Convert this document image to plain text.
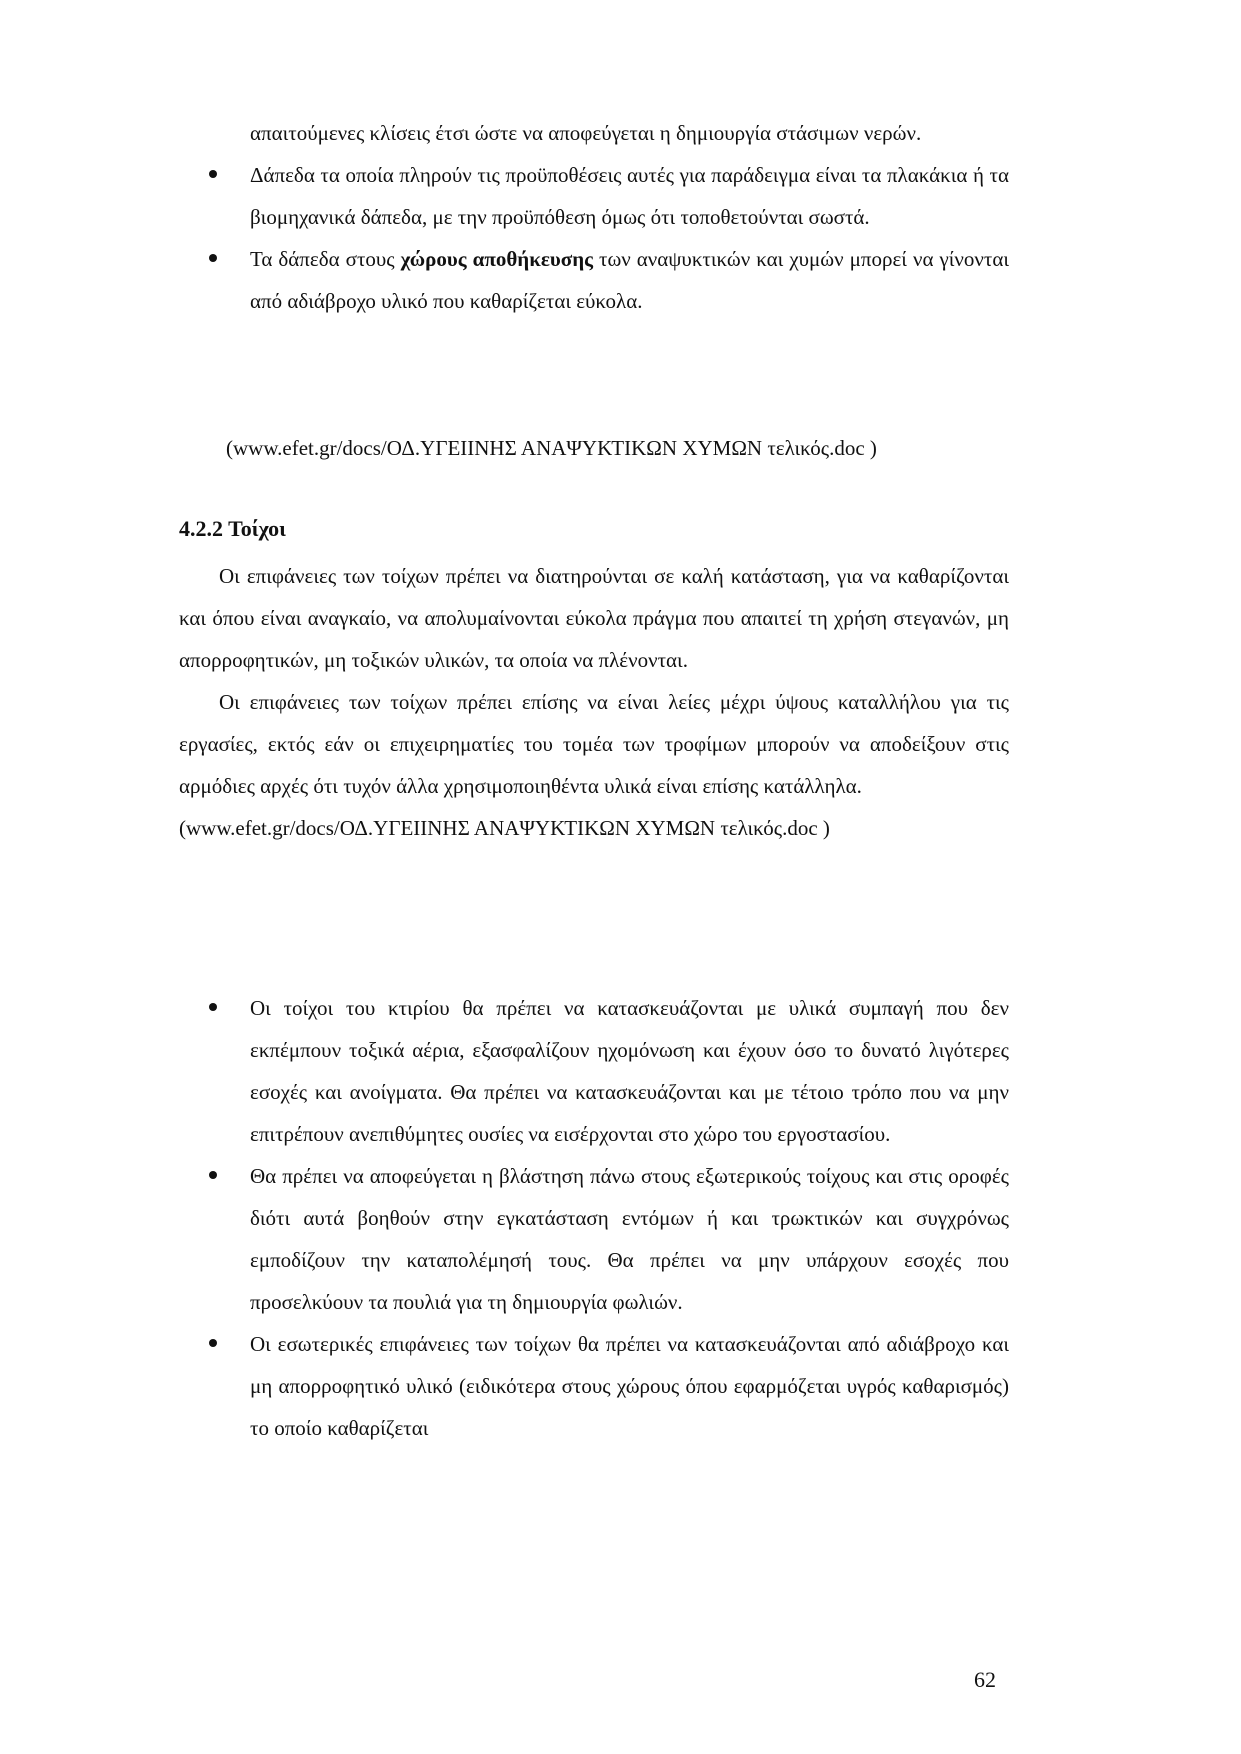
απαιτούμενες κλίσεις έτσι ώστε να αποφεύγεται η δημιουργία στάσιμων νερών.

Δάπεδα τα οποία πληρούν τις προϋποθέσεις αυτές για παράδειγμα είναι τα πλακάκια ή τα βιομηχανικά δάπεδα, με την προϋπόθεση όμως ότι τοποθετούνται σωστά.
Τα δάπεδα στους χώρους αποθήκευσης των αναψυκτικών και χυμών μπορεί να γίνονται από αδιάβροχο υλικό που καθαρίζεται εύκολα.
(www.efet.gr/docs/ΟΔ.ΥΓΕΙΙΝΗΣ ΑΝΑΨΥΚΤΙΚΩΝ ΧΥΜΩΝ τελικός.doc )
4.2.2 Τοίχοι

Οι επιφάνειες των τοίχων πρέπει να διατηρούνται σε καλή κατάσταση, για να καθαρίζονται και όπου είναι αναγκαίο, να απολυμαίνονται εύκολα πράγμα που απαιτεί τη χρήση στεγανών, μη απορροφητικών, μη τοξικών υλικών, τα οποία να πλένονται.

Οι επιφάνειες των τοίχων πρέπει επίσης να είναι λείες μέχρι ύψους καταλλήλου για τις εργασίες, εκτός εάν οι επιχειρηματίες του τομέα των τροφίμων μπορούν να αποδείξουν στις αρμόδιες αρχές ότι τυχόν άλλα χρησιμοποιηθέντα υλικά είναι επίσης κατάλληλα.

(www.efet.gr/docs/ΟΔ.ΥΓΕΙΙΝΗΣ ΑΝΑΨΥΚΤΙΚΩΝ ΧΥΜΩΝ τελικός.doc )

Οι τοίχοι του κτιρίου θα πρέπει να κατασκευάζονται με υλικά συμπαγή που δεν εκπέμπουν τοξικά αέρια, εξασφαλίζουν ηχομόνωση και έχουν όσο το δυνατό λιγότερες εσοχές και ανοίγματα. Θα πρέπει να κατασκευάζονται και με τέτοιο τρόπο που να μην επιτρέπουν ανεπιθύμητες ουσίες να εισέρχονται στο χώρο του εργοστασίου.
Θα πρέπει να αποφεύγεται η βλάστηση πάνω στους εξωτερικούς τοίχους και στις οροφές διότι αυτά βοηθούν στην εγκατάσταση εντόμων ή και τρωκτικών και συγχρόνως εμποδίζουν την καταπολέμησή τους. Θα πρέπει να μην υπάρχουν εσοχές που προσελκύουν τα πουλιά για τη δημιουργία φωλιών.
Οι εσωτερικές επιφάνειες των τοίχων θα πρέπει να κατασκευάζονται από αδιάβροχο και μη απορροφητικό υλικό (ειδικότερα στους χώρους όπου εφαρμόζεται υγρός καθαρισμός) το οποίο καθαρίζεται
62
